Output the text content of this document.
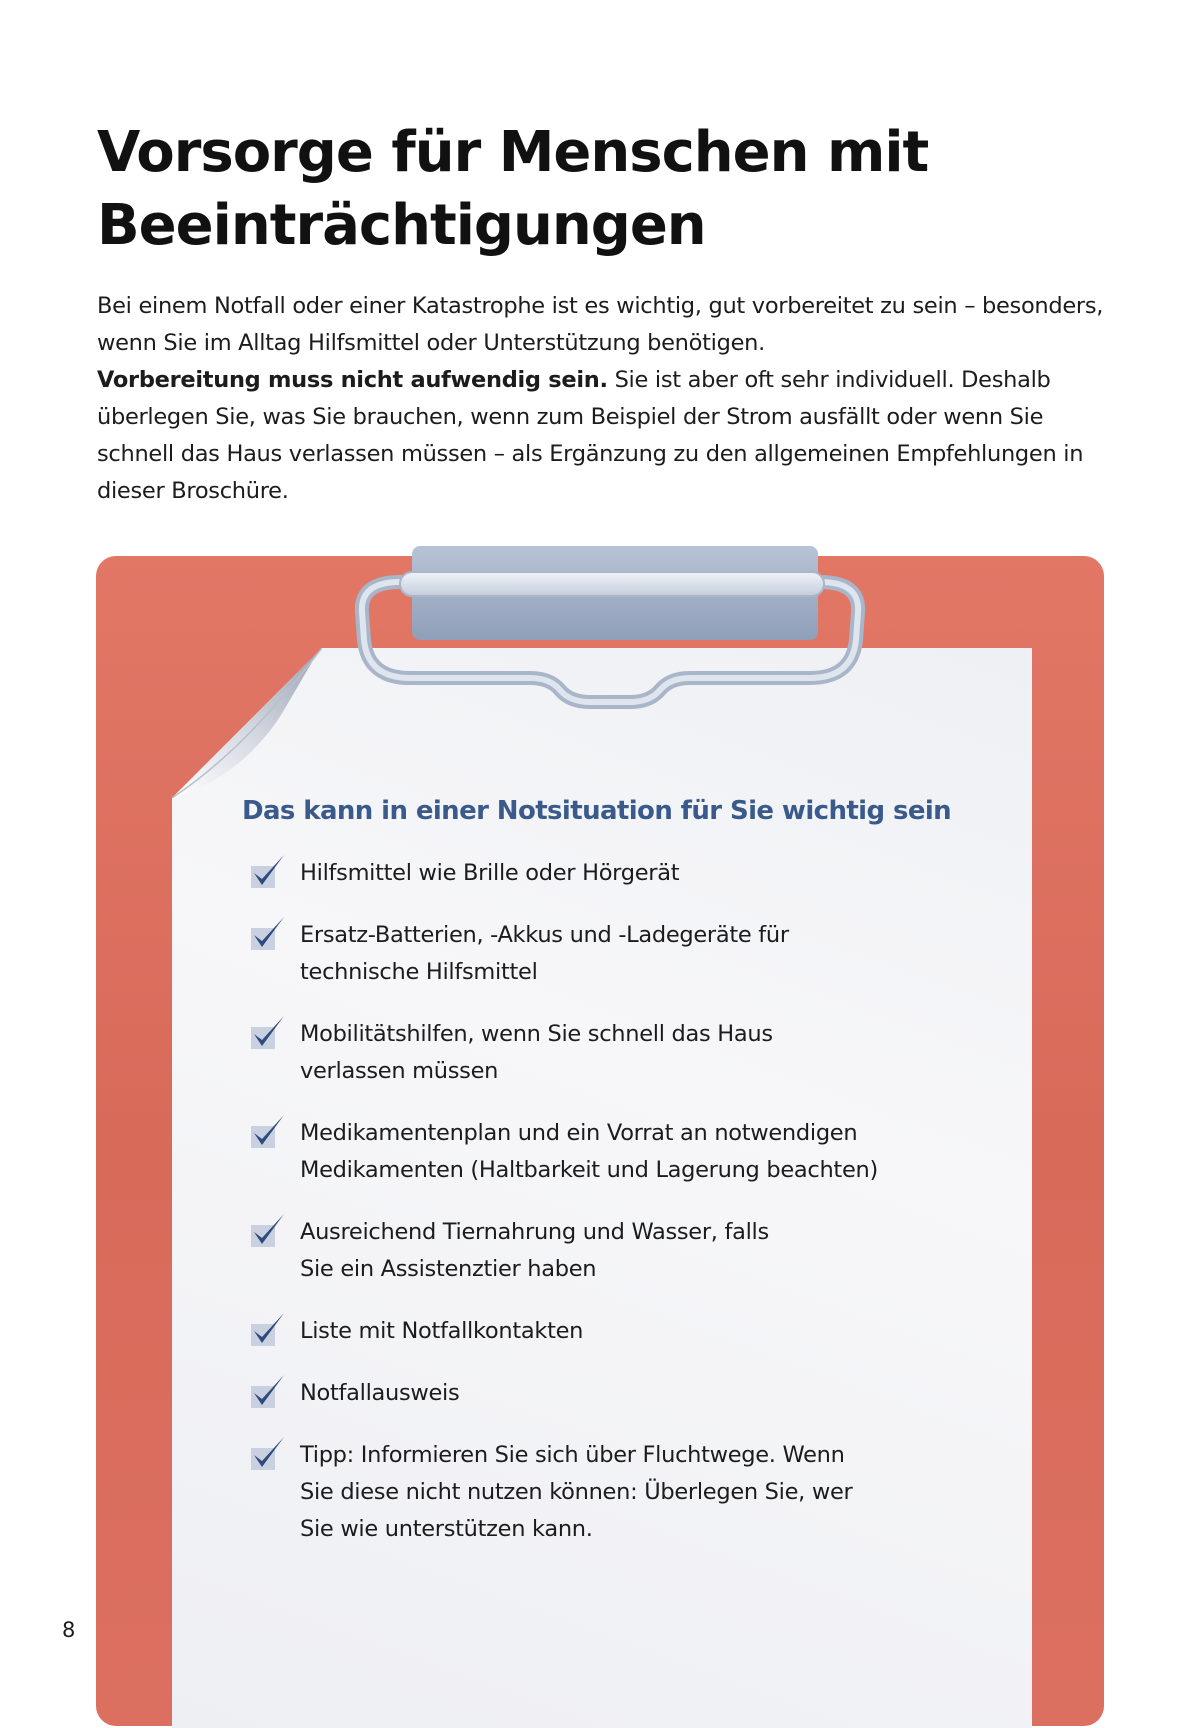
Vorsorge für Menschen mit Beeinträchtigungen

Bei einem Notfall oder einer Katastrophe ist es wichtig, gut vorbereitet zu sein – besonders, wenn Sie im Alltag Hilfsmittel oder Unterstützung benötigen.
Vorbereitung muss nicht aufwendig sein. Sie ist aber oft sehr individuell. Deshalb überlegen Sie, was Sie brauchen, wenn zum Beispiel der Strom ausfällt oder wenn Sie schnell das Haus verlassen müssen – als Ergänzung zu den allgemeinen Empfehlungen in dieser Broschüre.

Das kann in einer Notsituation für Sie wichtig sein
Hilfsmittel wie Brille oder Hörgerät
Ersatz-Batterien, -Akkus und -Ladegeräte für technische Hilfsmittel
Mobilitätshilfen, wenn Sie schnell das Haus verlassen müssen
Medikamentenplan und ein Vorrat an notwendigen Medikamenten (Haltbarkeit und Lagerung beachten)
Ausreichend Tiernahrung und Wasser, falls Sie ein Assistenztier haben
Liste mit Notfallkontakten
Notfallausweis
Tipp: Informieren Sie sich über Fluchtwege. Wenn Sie diese nicht nutzen können: Überlegen Sie, wer Sie wie unterstützen kann.
8
